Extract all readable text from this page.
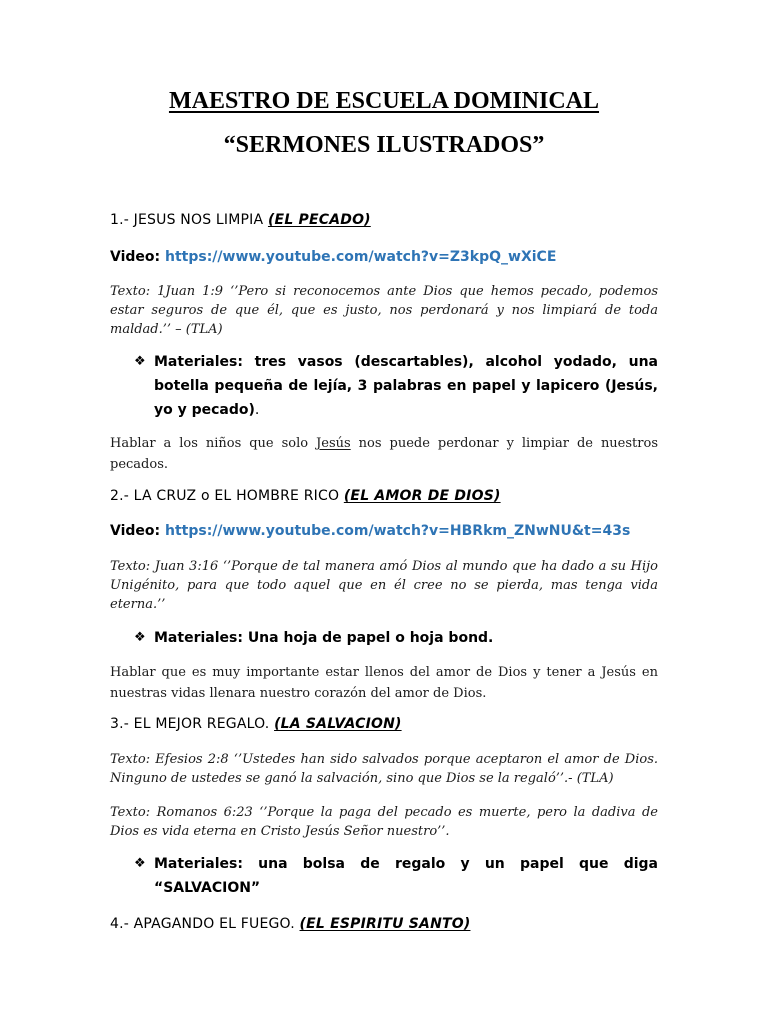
MAESTRO DE ESCUELA DOMINICAL
“SERMONES ILUSTRADOS”
1.- JESUS NOS LIMPIA (EL PECADO)
Video: https://www.youtube.com/watch?v=Z3kpQ_wXiCE
Texto: 1Juan 1:9 ‘’Pero si reconocemos ante Dios que hemos pecado, podemos estar seguros de que él, que es justo, nos perdonará y nos limpiará de toda maldad.’’ – (TLA)
❖ Materiales: tres vasos (descartables), alcohol yodado, una botella pequeña de lejía, 3 palabras en papel y lapicero (Jesús, yo y pecado).
Hablar a los niños que solo Jesús nos puede perdonar y limpiar de nuestros pecados.
2.- LA CRUZ o EL HOMBRE RICO (EL AMOR DE DIOS)
Video: https://www.youtube.com/watch?v=HBRkm_ZNwNU&t=43s
Texto: Juan 3:16 ‘’Porque de tal manera amó Dios al mundo que ha dado a su Hijo Unigénito, para que todo aquel que en él cree no se pierda, mas tenga vida eterna.’’
❖ Materiales: Una hoja de papel o hoja bond.
Hablar que es muy importante estar llenos del amor de Dios y tener a Jesús en nuestras vidas llenara nuestro corazón del amor de Dios.
3.- EL MEJOR REGALO. (LA SALVACION)
Texto: Efesios 2:8 ‘’Ustedes han sido salvados porque aceptaron el amor de Dios. Ninguno de ustedes se ganó la salvación, sino que Dios se la regaló’’.- (TLA)
Texto: Romanos 6:23 ‘’Porque la paga del pecado es muerte, pero la dadiva de Dios es vida eterna en Cristo Jesús Señor nuestro’’.
❖ Materiales: una bolsa de regalo y un papel que diga “SALVACION”
4.- APAGANDO EL FUEGO. (EL ESPIRITU SANTO)
